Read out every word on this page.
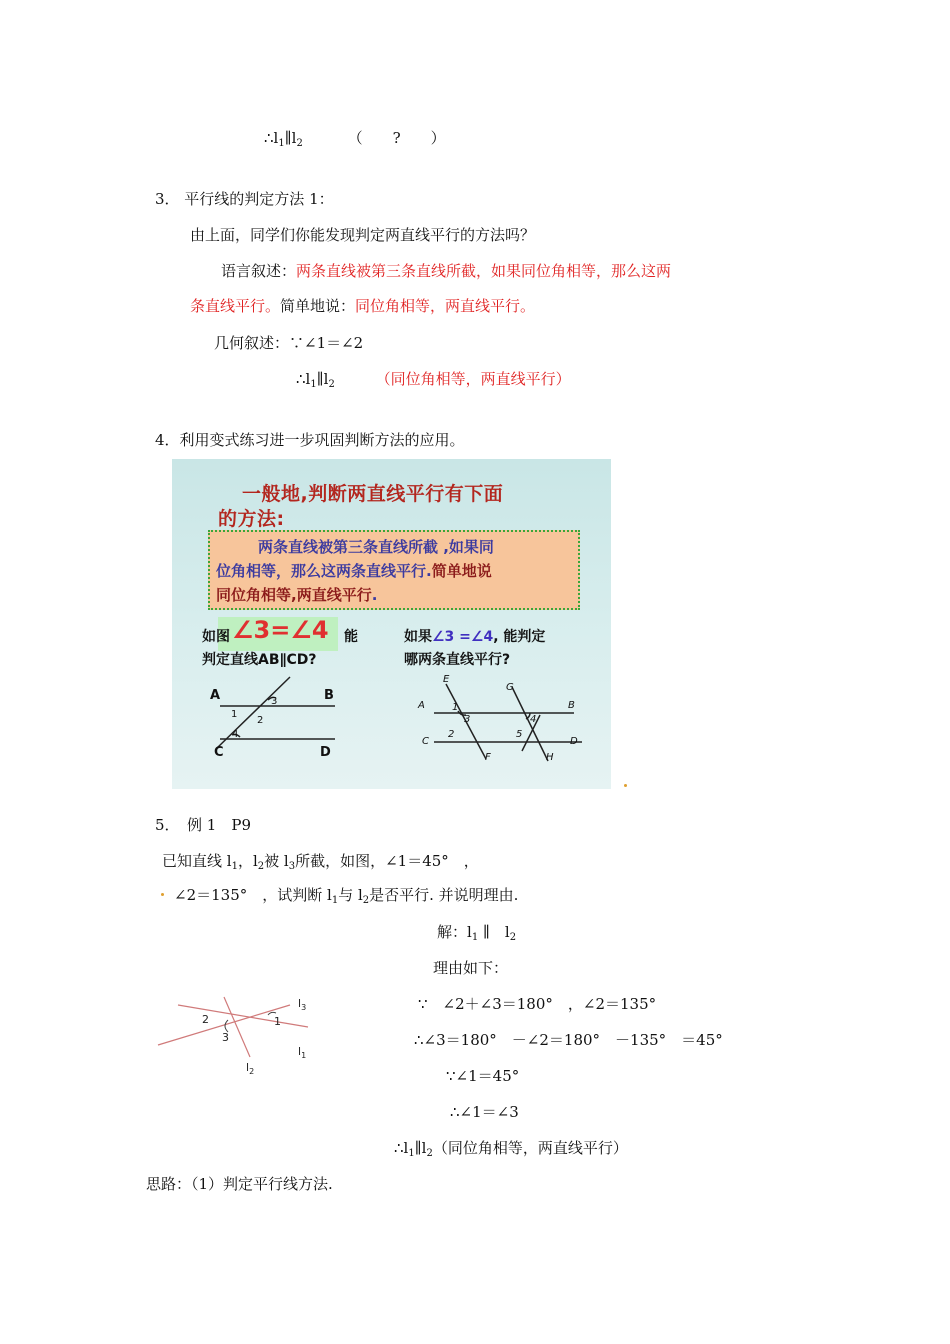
$\therefore l_1\parallel l_2$	（　　?　　）
3． 平行线的判定方法 1：
由上面，同学们你能发现判定两直线平行的方法吗？
语言叙述：两条直线被第三条直线所截，如果同位角相等，那么这两
条直线平行。简单地说：同位角相等，两直线平行。
几何叙述：∵∠1＝∠2
$\therefore l_1\parallel l_2$	（同位角相等，两直线平行）
4．利用变式练习进一步巩固判断方法的应用。
一般地,判断两直线平行有下面
的方法:
两条直线被第三条直线所截 ,如果同
位角相等，那么这两条直线平行.简单地说
同位角相等,两直线平行.
如图 ∠3=∠4 能
判定直线AB∥CD?
如果∠3 =∠4, 能判定
哪两条直线平行?
A	B
C	D
1
2
3
4
A	B
C	D
E
F
G
H
1
2
3	4
5
5．　例 1　P9
已知直线 $l_1$，$l_2$被 $l_3$所截，如图，∠1＝45°　，
∠2＝135°　，试判断 $l_1$与 $l_2$是否平行. 并说明理由.
解：$l_1$ ∥　$l_2$
理由如下：
∵　∠2＋∠3＝180°　，∠2＝135°
∴∠3＝180°　－∠2＝180°　－135°　＝45°
∵∠1＝45°
∴∠1＝∠3
$\therefore l_1\parallel l_2$（同位角相等，两直线平行）
2
3
1
$l_3$
$l_1$
$l_2$
思路：（1）判定平行线方法.
